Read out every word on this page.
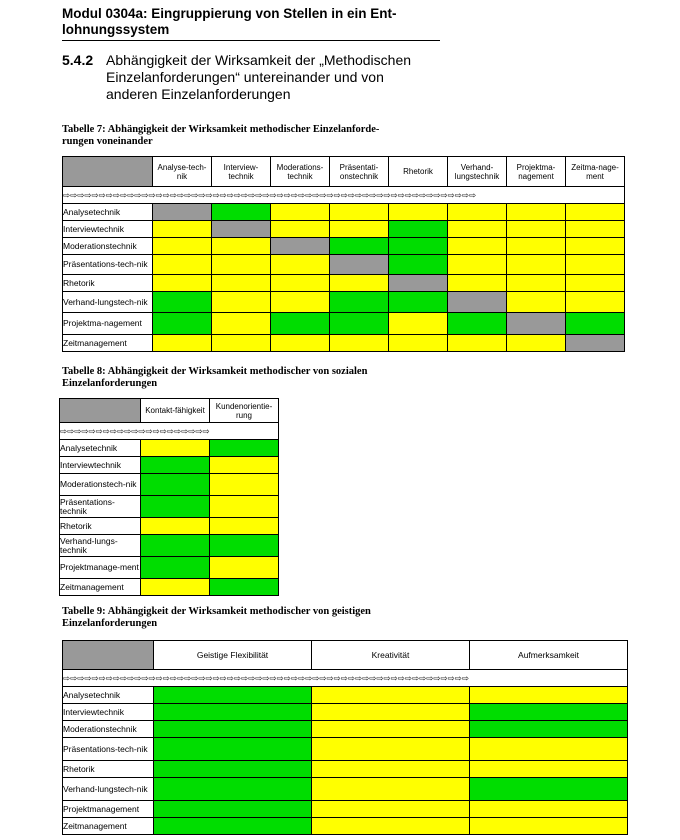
Modul 0304a: Eingruppierung von Stellen in ein Ent-
lohnungssystem
5.4.2 Abhängigkeit der Wirksamkeit der „Methodischen
Einzelanforderungen“ untereinander und von
anderen Einzelanforderungen
Tabelle 7: Abhängigkeit der Wirksamkeit methodischer Einzelanforde-
rungen voneinander
	Analyse-tech-nik	Interview-technik	Moderations-technik	Präsentati-onstechnik	Rhetorik	Verhand-lungstechnik	Projektma-nagement	Zeitma-nage-ment
⇨⇨⇨⇨⇨⇨⇨⇨⇨⇨⇨⇨⇨⇨⇨⇨⇨⇨⇨⇨⇨⇨⇨⇨⇨⇨⇨⇨⇨⇨⇨⇨⇨⇨⇨⇨⇨⇨⇨⇨⇨⇨⇨⇨⇨⇨⇨⇨⇨⇨⇨⇨⇨⇨⇨⇨⇨⇨								
Analysetechnik								
Interviewtechnik								
Moderationstechnik								
Präsentations-tech-nik								
Rhetorik								
Verhand-lungstech-nik								
Projektma-nagement								
Zeitmanagement								
Tabelle 8: Abhängigkeit der Wirksamkeit methodischer von sozialen
Einzelanforderungen
	Kontakt-fähigkeit	Kundenorientie-rung
⇨⇨⇨⇨⇨⇨⇨⇨⇨⇨⇨⇨⇨⇨⇨⇨⇨⇨⇨⇨⇨		
Analysetechnik		
Interviewtechnik		
Moderationstech-nik		
Präsentations-technik		
Rhetorik		
Verhand-lungs-technik		
Projektmanage-ment		
Zeitmanagement		
Tabelle 9: Abhängigkeit der Wirksamkeit methodischer von geistigen
Einzelanforderungen
	Geistige Flexibilität	Kreativität	Aufmerksamkeit
⇨⇨⇨⇨⇨⇨⇨⇨⇨⇨⇨⇨⇨⇨⇨⇨⇨⇨⇨⇨⇨⇨⇨⇨⇨⇨⇨⇨⇨⇨⇨⇨⇨⇨⇨⇨⇨⇨⇨⇨⇨⇨⇨⇨⇨⇨⇨⇨⇨⇨⇨⇨⇨⇨⇨⇨⇨			
Analysetechnik			
Interviewtechnik			
Moderationstechnik			
Präsentations-tech-nik			
Rhetorik			
Verhand-lungstech-nik			
Projektmanagement			
Zeitmanagement			
